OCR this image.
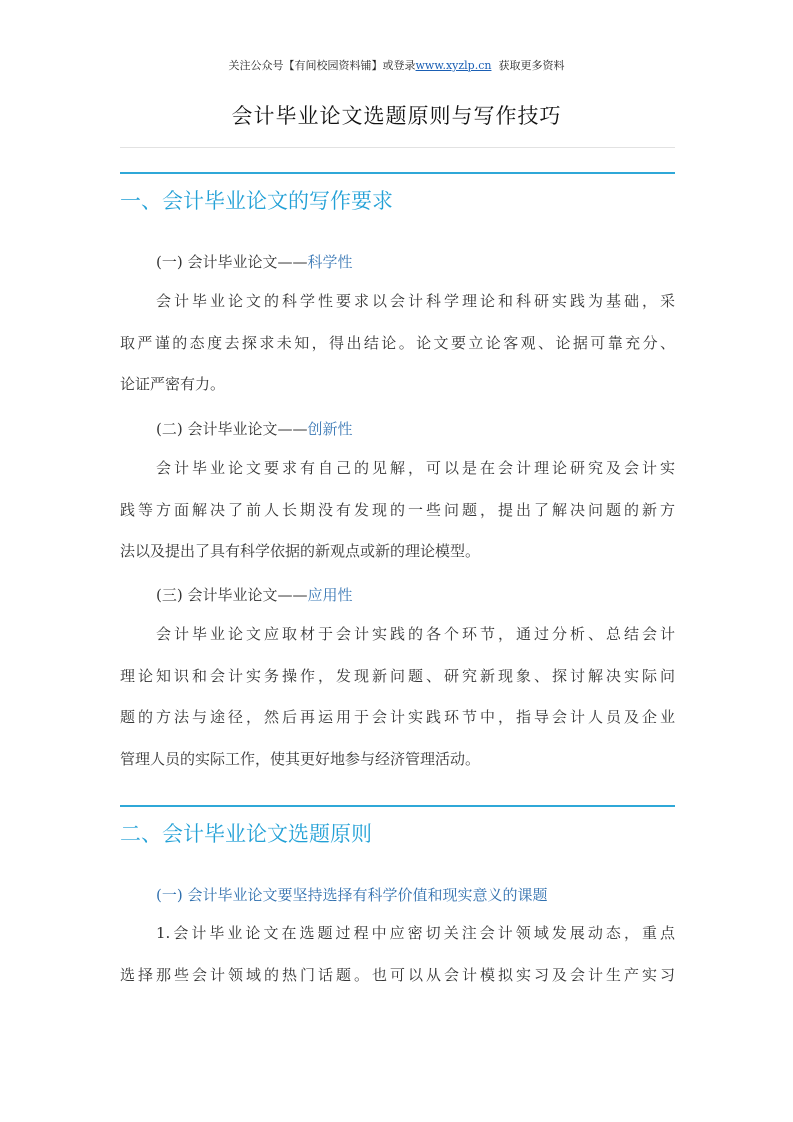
关注公众号【有间校园资料铺】或登录www.xyzlp.cn 获取更多资料
会计毕业论文选题原则与写作技巧
一、会计毕业论文的写作要求
(一) 会计毕业论文——科学性
会计毕业论文的科学性要求以会计科学理论和科研实践为基础，采
取严谨的态度去探求未知，得出结论。论文要立论客观、论据可靠充分、
论证严密有力。
(二) 会计毕业论文——创新性
会计毕业论文要求有自己的见解，可以是在会计理论研究及会计实
践等方面解决了前人长期没有发现的一些问题，提出了解决问题的新方
法以及提出了具有科学依据的新观点或新的理论模型。
(三) 会计毕业论文——应用性
会计毕业论文应取材于会计实践的各个环节，通过分析、总结会计
理论知识和会计实务操作，发现新问题、研究新现象、探讨解决实际问
题的方法与途径，然后再运用于会计实践环节中，指导会计人员及企业
管理人员的实际工作，使其更好地参与经济管理活动。
二、会计毕业论文选题原则
(一) 会计毕业论文要坚持选择有科学价值和现实意义的课题
1.会计毕业论文在选题过程中应密切关注会计领域发展动态，重点
选择那些会计领域的热门话题。也可以从会计模拟实习及会计生产实习
